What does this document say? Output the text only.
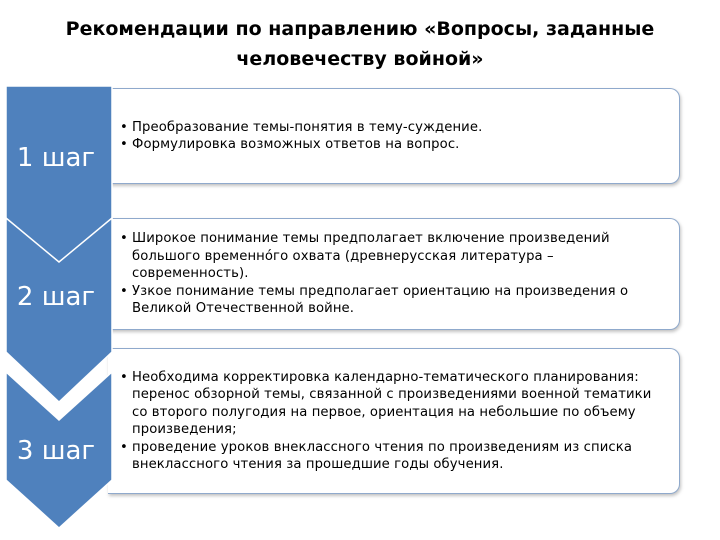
Рекомендации по направлению «Вопросы, заданные
человечеству войной»
• Преобразование темы-понятия в тему-суждение.
• Формулировка возможных ответов на вопрос.
• Широкое понимание темы предполагает включение произведений большого временнóго охвата (древнерусская литература – современность).
• Узкое понимание темы предполагает ориентацию на произведения о Великой Отечественной войне.
• Необходима корректировка календарно-тематического планирования: перенос обзорной темы, связанной с произведениями военной тематики со второго полугодия на первое, ориентация на небольшие по объему произведения;
• проведение уроков внеклассного чтения по произведениям из списка внеклассного чтения за прошедшие годы обучения.
1 шаг
2 шаг
3 шаг
